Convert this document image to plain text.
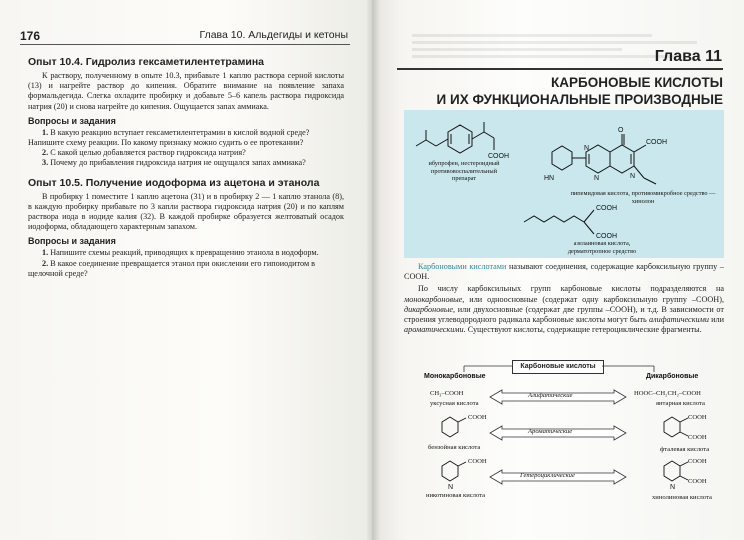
176	Глава 10. Альдегиды и кетоны
Опыт 10.4. Гидролиз гексаметилентетрамина

К раствору, полученному в опыте 10.3, прибавьте 1 каплю раствора серной кислоты (13) и нагрейте раствор до кипения. Обратите внимание на появление запаха формальдегида. Слегка охладите пробирку и добавьте 5–6 капель раствора гидроксида натрия (20) и снова нагрейте до кипения. Ощущается запах аммиака.

Вопросы и задания
1. В какую реакцию вступает гексаметилентетрамин в кислой водной среде? Напишите схему реакции. По какому признаку можно судить о ее протекании?
2. С какой целью добавляется раствор гидроксида натрия?
3. Почему до прибавления гидроксида натрия не ощущался запах аммиака?
Опыт 10.5. Получение иодоформа из ацетона и этанола

В пробирку 1 поместите 1 каплю ацетона (31) и в пробирку 2 — 1 каплю этанола (8), в каждую пробирку прибавьте по 3 капли раствора гидроксида натрия (20) и по каплям раствора иода в иодиде калия (32). В каждой пробирке образуется желтоватый осадок иодоформа, обладающего характерным запахом.

Вопросы и задания
1. Напишите схемы реакций, приводящих к превращению этанола в иодоформ.
2. В какое соединение превращается этанол при окислении его гипоиодитом в щелочной среде?
Глава 11
КАРБОНОВЫЕ КИСЛОТЫ
И ИХ ФУНКЦИОНАЛЬНЫЕ ПРОИЗВОДНЫЕ
COOH
ибупрофен, нестероидный противовоспалительный препарат	HN
N
N
O
COOH
N
пипемидовая кислота, противомикробное средство — хинолон
COOH
COOH
азелаиновая кислота, дерматотропное средство

Карбоновыми кислотами называют соединения, содержащие карбоксильную группу –COOH.

По числу карбоксильных групп карбоновые кислоты подразделяются на монокарбоновые, или одноосновные (содержат одну карбоксильную группу –COOH), дикарбоновые, или двухосновные (содержат две группы –COOH), и т.д. В зависимости от строения углеводородного радикала карбоновые кислоты могут быть алифатическими или ароматическими. Существуют кислоты, содержащие гетероциклические фрагменты.

Карбоновые кислоты
Монокарбоновые	Дикарбоновые
CH₃–COOH
уксусная кислота
Алифатические	HOOC–CH₂CH₂–COOH
янтарная кислота
COOH
бензойная кислота
Ароматические
COOH
COOH
фталевая кислота
N
COOH
никотиновая кислота
Гетероциклические
N
COOH
COOH
хинолиновая кислота
